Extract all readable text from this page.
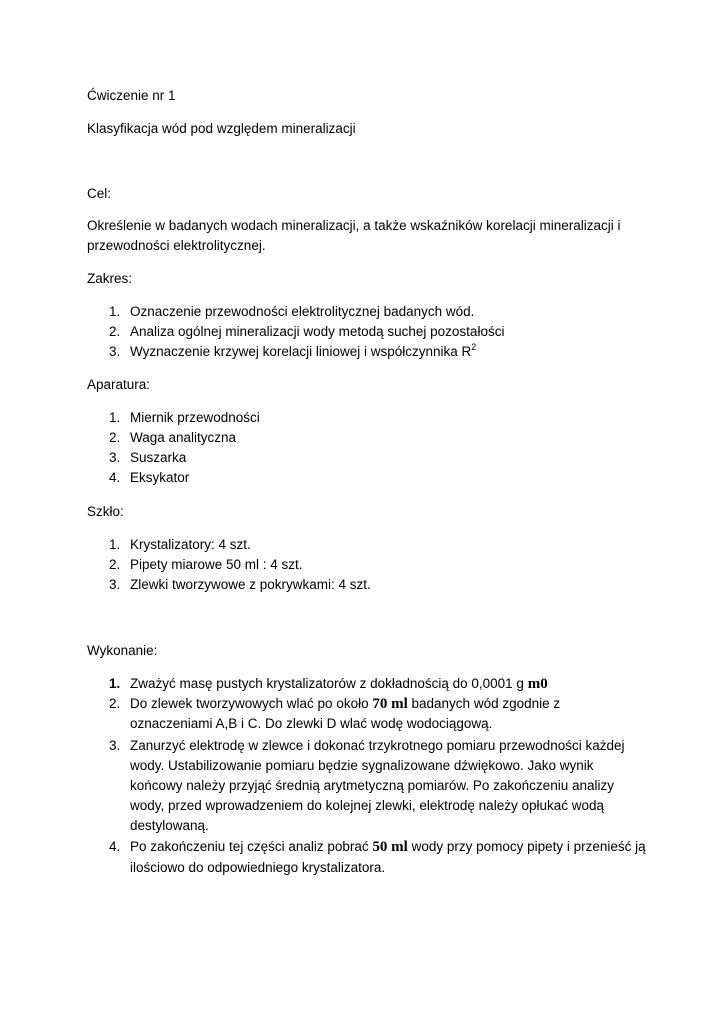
Ćwiczenie nr 1
Klasyfikacja wód pod względem mineralizacji
Cel:
Określenie w badanych wodach mineralizacji, a także wskaźników korelacji mineralizacji i
przewodności elektrolitycznej.
Zakres:
1. Oznaczenie przewodności elektrolitycznej badanych wód.
2. Analiza ogólnej mineralizacji wody metodą suchej pozostałości
3. Wyznaczenie krzywej korelacji liniowej i współczynnika $R^2$
Aparatura:
1. Miernik przewodności
2. Waga analityczna
3. Suszarka
4. Eksykator
Szkło:
1. Krystalizatory: 4 szt.
2. Pipety miarowe 50 ml : 4 szt.
3. Zlewki tworzywowe z pokrywkami: 4 szt.
Wykonanie:
1. Zważyć masę pustych krystalizatorów z dokładnością do 0,0001 g m0
2. Do zlewek tworzywowych wlać po około 70 ml badanych wód zgodnie z
oznaczeniami A,B i C. Do zlewki D wlać wodę wodociągową.
3. Zanurzyć elektrodę w zlewce i dokonać trzykrotnego pomiaru przewodności każdej
wody. Ustabilizowanie pomiaru będzie sygnalizowane dźwiękowo. Jako wynik
końcowy należy przyjąć średnią arytmetyczną pomiarów. Po zakończeniu analizy
wody, przed wprowadzeniem do kolejnej zlewki, elektrodę należy opłukać wodą
destylowaną.
4. Po zakończeniu tej części analiz pobrać 50 ml wody przy pomocy pipety i przenieść ją
ilościowo do odpowiedniego krystalizatora.
